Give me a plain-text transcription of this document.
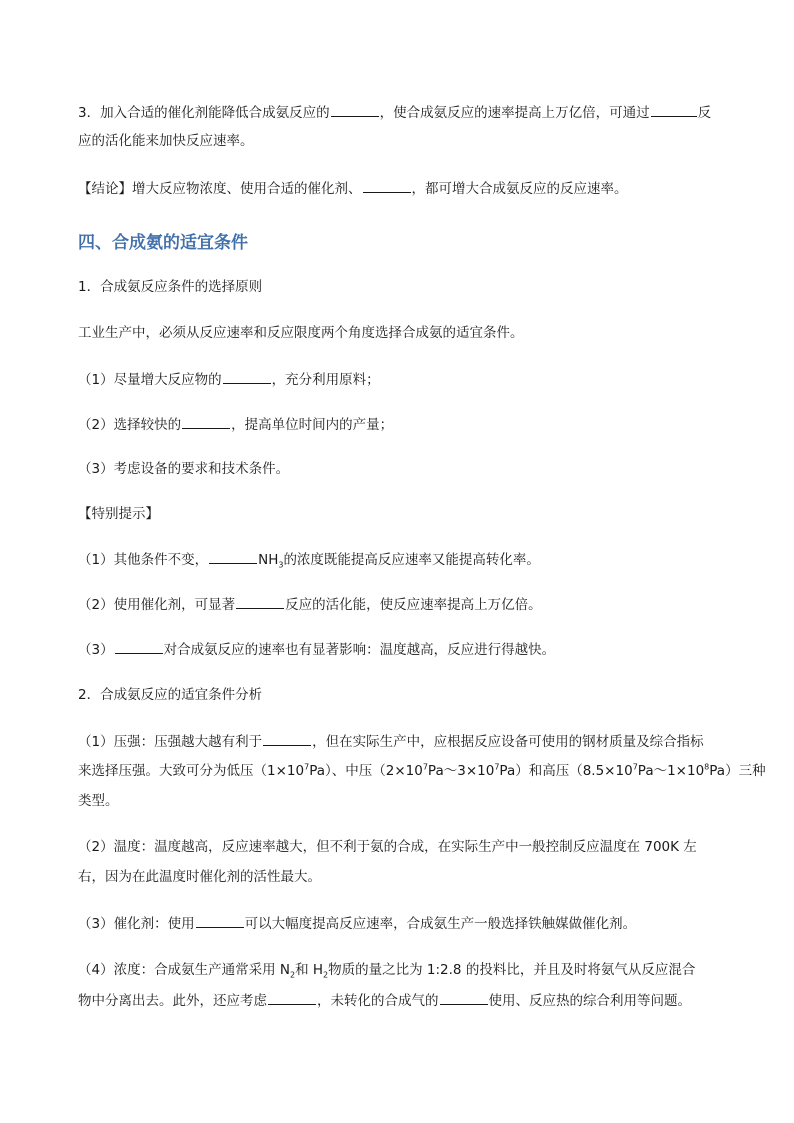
3．加入合适的催化剂能降低合成氨反应的	，使合成氨反应的速率提高上万亿倍，可通过	反
应的活化能来加快反应速率。
【结论】增大反应物浓度、使用合适的催化剂、	，都可增大合成氨反应的反应速率。
四、合成氨的适宜条件
1．合成氨反应条件的选择原则
工业生产中，必须从反应速率和反应限度两个角度选择合成氨的适宜条件。
（1）尽量增大反应物的	，充分利用原料；
（2）选择较快的	，提高单位时间内的产量；
（3）考虑设备的要求和技术条件。
【特别提示】
（1）其他条件不变，	$NH_3$的浓度既能提高反应速率又能提高转化率。
（2）使用催化剂，可显著	反应的活化能，使反应速率提高上万亿倍。
（3）	对合成氨反应的速率也有显著影响：温度越高，反应进行得越快。
2．合成氨反应的适宜条件分析
（1）压强：压强越大越有利于	，但在实际生产中，应根据反应设备可使用的钢材质量及综合指标
来选择压强。大致可分为低压$(1\times 10^7Pa)$、中压$(2\times 10^7Pa\sim 3\times 10^7Pa)$和高压$(8.5\times 10^7Pa\sim 1\times 10^8Pa)$三种
类型。
（2）温度：温度越高，反应速率越大，但不利于氨的合成，在实际生产中一般控制反应温度在 700K 左
右，因为在此温度时催化剂的活性最大。
（3）催化剂：使用	可以大幅度提高反应速率，合成氨生产一般选择铁触媒做催化剂。
（4）浓度：合成氨生产通常采用 $N_2$和 $H_2$物质的量之比为 1:2.8 的投料比，并且及时将氨气从反应混合
物中分离出去。此外，还应考虑	，未转化的合成气的	使用、反应热的综合利用等问题。
